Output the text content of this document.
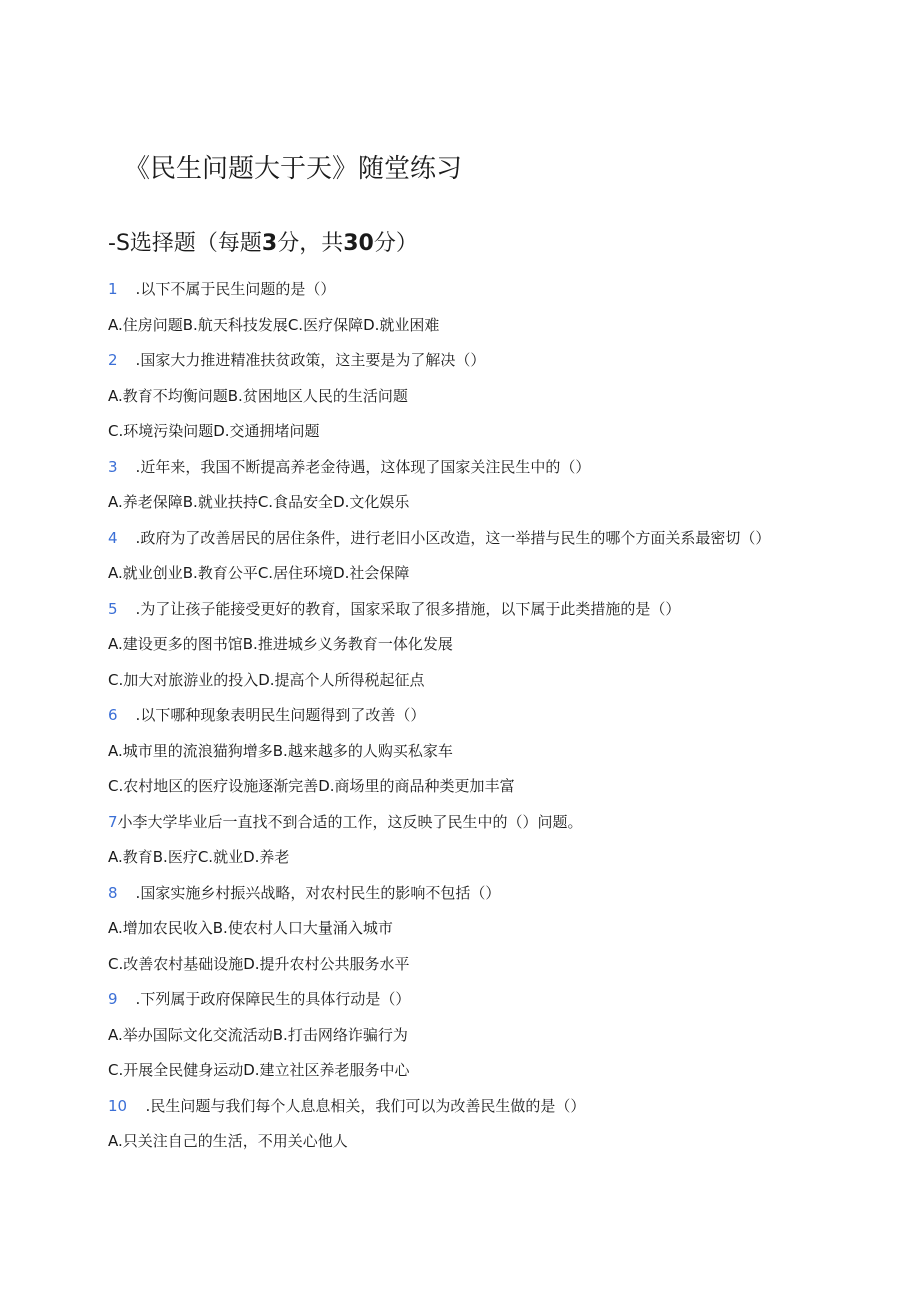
《民生问题大于天》随堂练习
-S选择题（每题3分，共30分）
1 .以下不属于民生问题的是（）
A.住房问题B.航天科技发展C.医疗保障D.就业困难
2 .国家大力推进精准扶贫政策，这主要是为了解决（）
A.教育不均衡问题B.贫困地区人民的生活问题
C.环境污染问题D.交通拥堵问题
3 .近年来，我国不断提高养老金待遇，这体现了国家关注民生中的（）
A.养老保障B.就业扶持C.食品安全D.文化娱乐
4 .政府为了改善居民的居住条件，进行老旧小区改造，这一举措与民生的哪个方面关系最密切（）
A.就业创业B.教育公平C.居住环境D.社会保障
5 .为了让孩子能接受更好的教育，国家采取了很多措施，以下属于此类措施的是（）
A.建设更多的图书馆B.推进城乡义务教育一体化发展
C.加大对旅游业的投入D.提高个人所得税起征点
6 .以下哪种现象表明民生问题得到了改善（）
A.城市里的流浪猫狗增多B.越来越多的人购买私家车
C.农村地区的医疗设施逐渐完善D.商场里的商品种类更加丰富
7小李大学毕业后一直找不到合适的工作，这反映了民生中的（）问题。
A.教育B.医疗C.就业D.养老
8 .国家实施乡村振兴战略，对农村民生的影响不包括（）
A.增加农民收入B.使农村人口大量涌入城市
C.改善农村基础设施D.提升农村公共服务水平
9 .下列属于政府保障民生的具体行动是（）
A.举办国际文化交流活动B.打击网络诈骗行为
C.开展全民健身运动D.建立社区养老服务中心
10 .民生问题与我们每个人息息相关，我们可以为改善民生做的是（）
A.只关注自己的生活，不用关心他人
